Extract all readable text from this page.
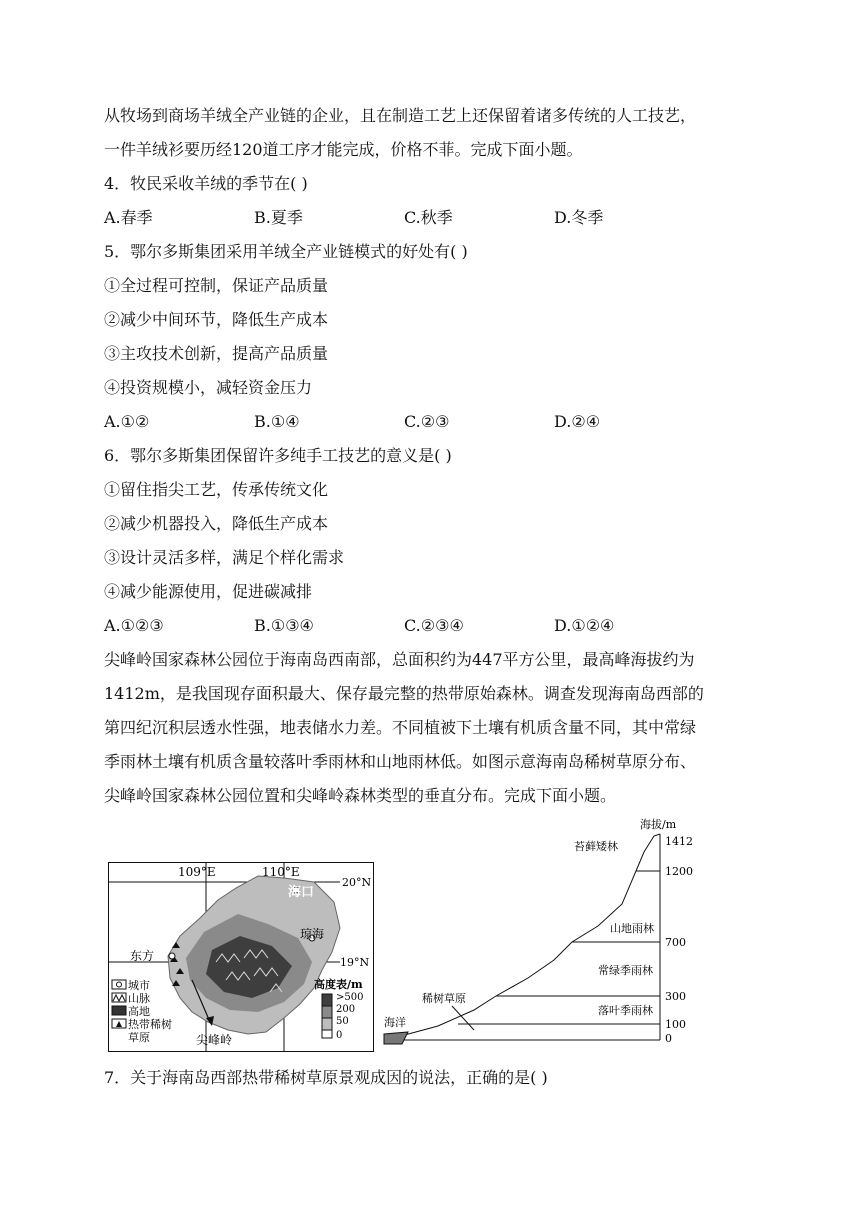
从牧场到商场羊绒全产业链的企业，且在制造工艺上还保留着诸多传统的人工技艺，
一件羊绒衫要历经120道工序才能完成，价格不菲。完成下面小题。
4．牧民采收羊绒的季节在( )
A.春季	B.夏季	C.秋季	D.冬季
5．鄂尔多斯集团采用羊绒全产业链模式的好处有( )
①全过程可控制，保证产品质量
②减少中间环节，降低生产成本
③主攻技术创新，提高产品质量
④投资规模小，减轻资金压力
A.①②	B.①④	C.②③	D.②④
6．鄂尔多斯集团保留许多纯手工技艺的意义是( )
①留住指尖工艺，传承传统文化
②减少机器投入，降低生产成本
③设计灵活多样，满足个样化需求
④减少能源使用，促进碳减排
A.①②③	B.①③④	C.②③④	D.①②④
尖峰岭国家森林公园位于海南岛西南部，总面积约为447平方公里，最高峰海拔约为
1412m，是我国现存面积最大、保存最完整的热带原始森林。调查发现海南岛西部的
第四纪沉积层透水性强，地表储水力差。不同植被下土壤有机质含量不同，其中常绿
季雨林土壤有机质含量较落叶季雨林和山地雨林低。如图示意海南岛稀树草原分布、
尖峰岭国家森林公园位置和尖峰岭森林类型的垂直分布。完成下面小题。
109°E	110°E
20°N
19°N
海口
琼海
东方
尖峰岭
城市
山脉
高地
热带稀树
草原
高度表/m
>500
200
50
0
海拔/m
1412
1200
700
300
100
0
苔藓矮林
山地雨林
常绿季雨林
落叶季雨林
稀树草原
海洋
7．关于海南岛西部热带稀树草原景观成因的说法，正确的是( )
